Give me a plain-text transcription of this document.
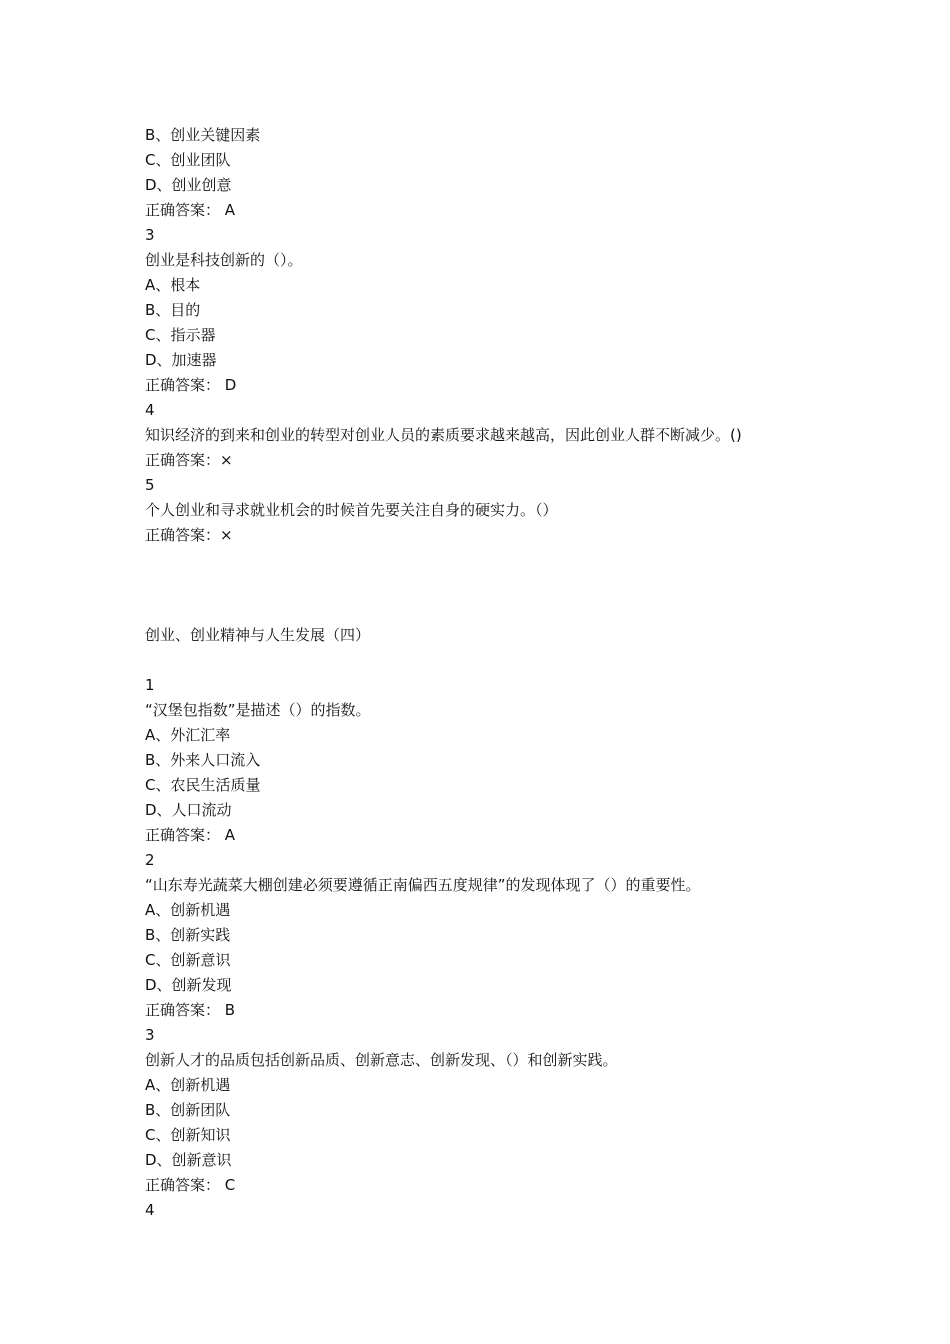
B、创业关键因素
C、创业团队
D、创业创意
正确答案： A
3
创业是科技创新的（）。
A、根本
B、目的
C、指示器
D、加速器
正确答案： D
4
知识经济的到来和创业的转型对创业人员的素质要求越来越高，因此创业人群不断减少。()
正确答案：×
5
个人创业和寻求就业机会的时候首先要关注自身的硬实力。（）
正确答案：×
创业、创业精神与人生发展（四）
1
“汉堡包指数”是描述（）的指数。
A、外汇汇率
B、外来人口流入
C、农民生活质量
D、人口流动
正确答案： A
2
“山东寿光蔬菜大棚创建必须要遵循正南偏西五度规律”的发现体现了（）的重要性。
A、创新机遇
B、创新实践
C、创新意识
D、创新发现
正确答案： B
3
创新人才的品质包括创新品质、创新意志、创新发现、（）和创新实践。
A、创新机遇
B、创新团队
C、创新知识
D、创新意识
正确答案： C
4
